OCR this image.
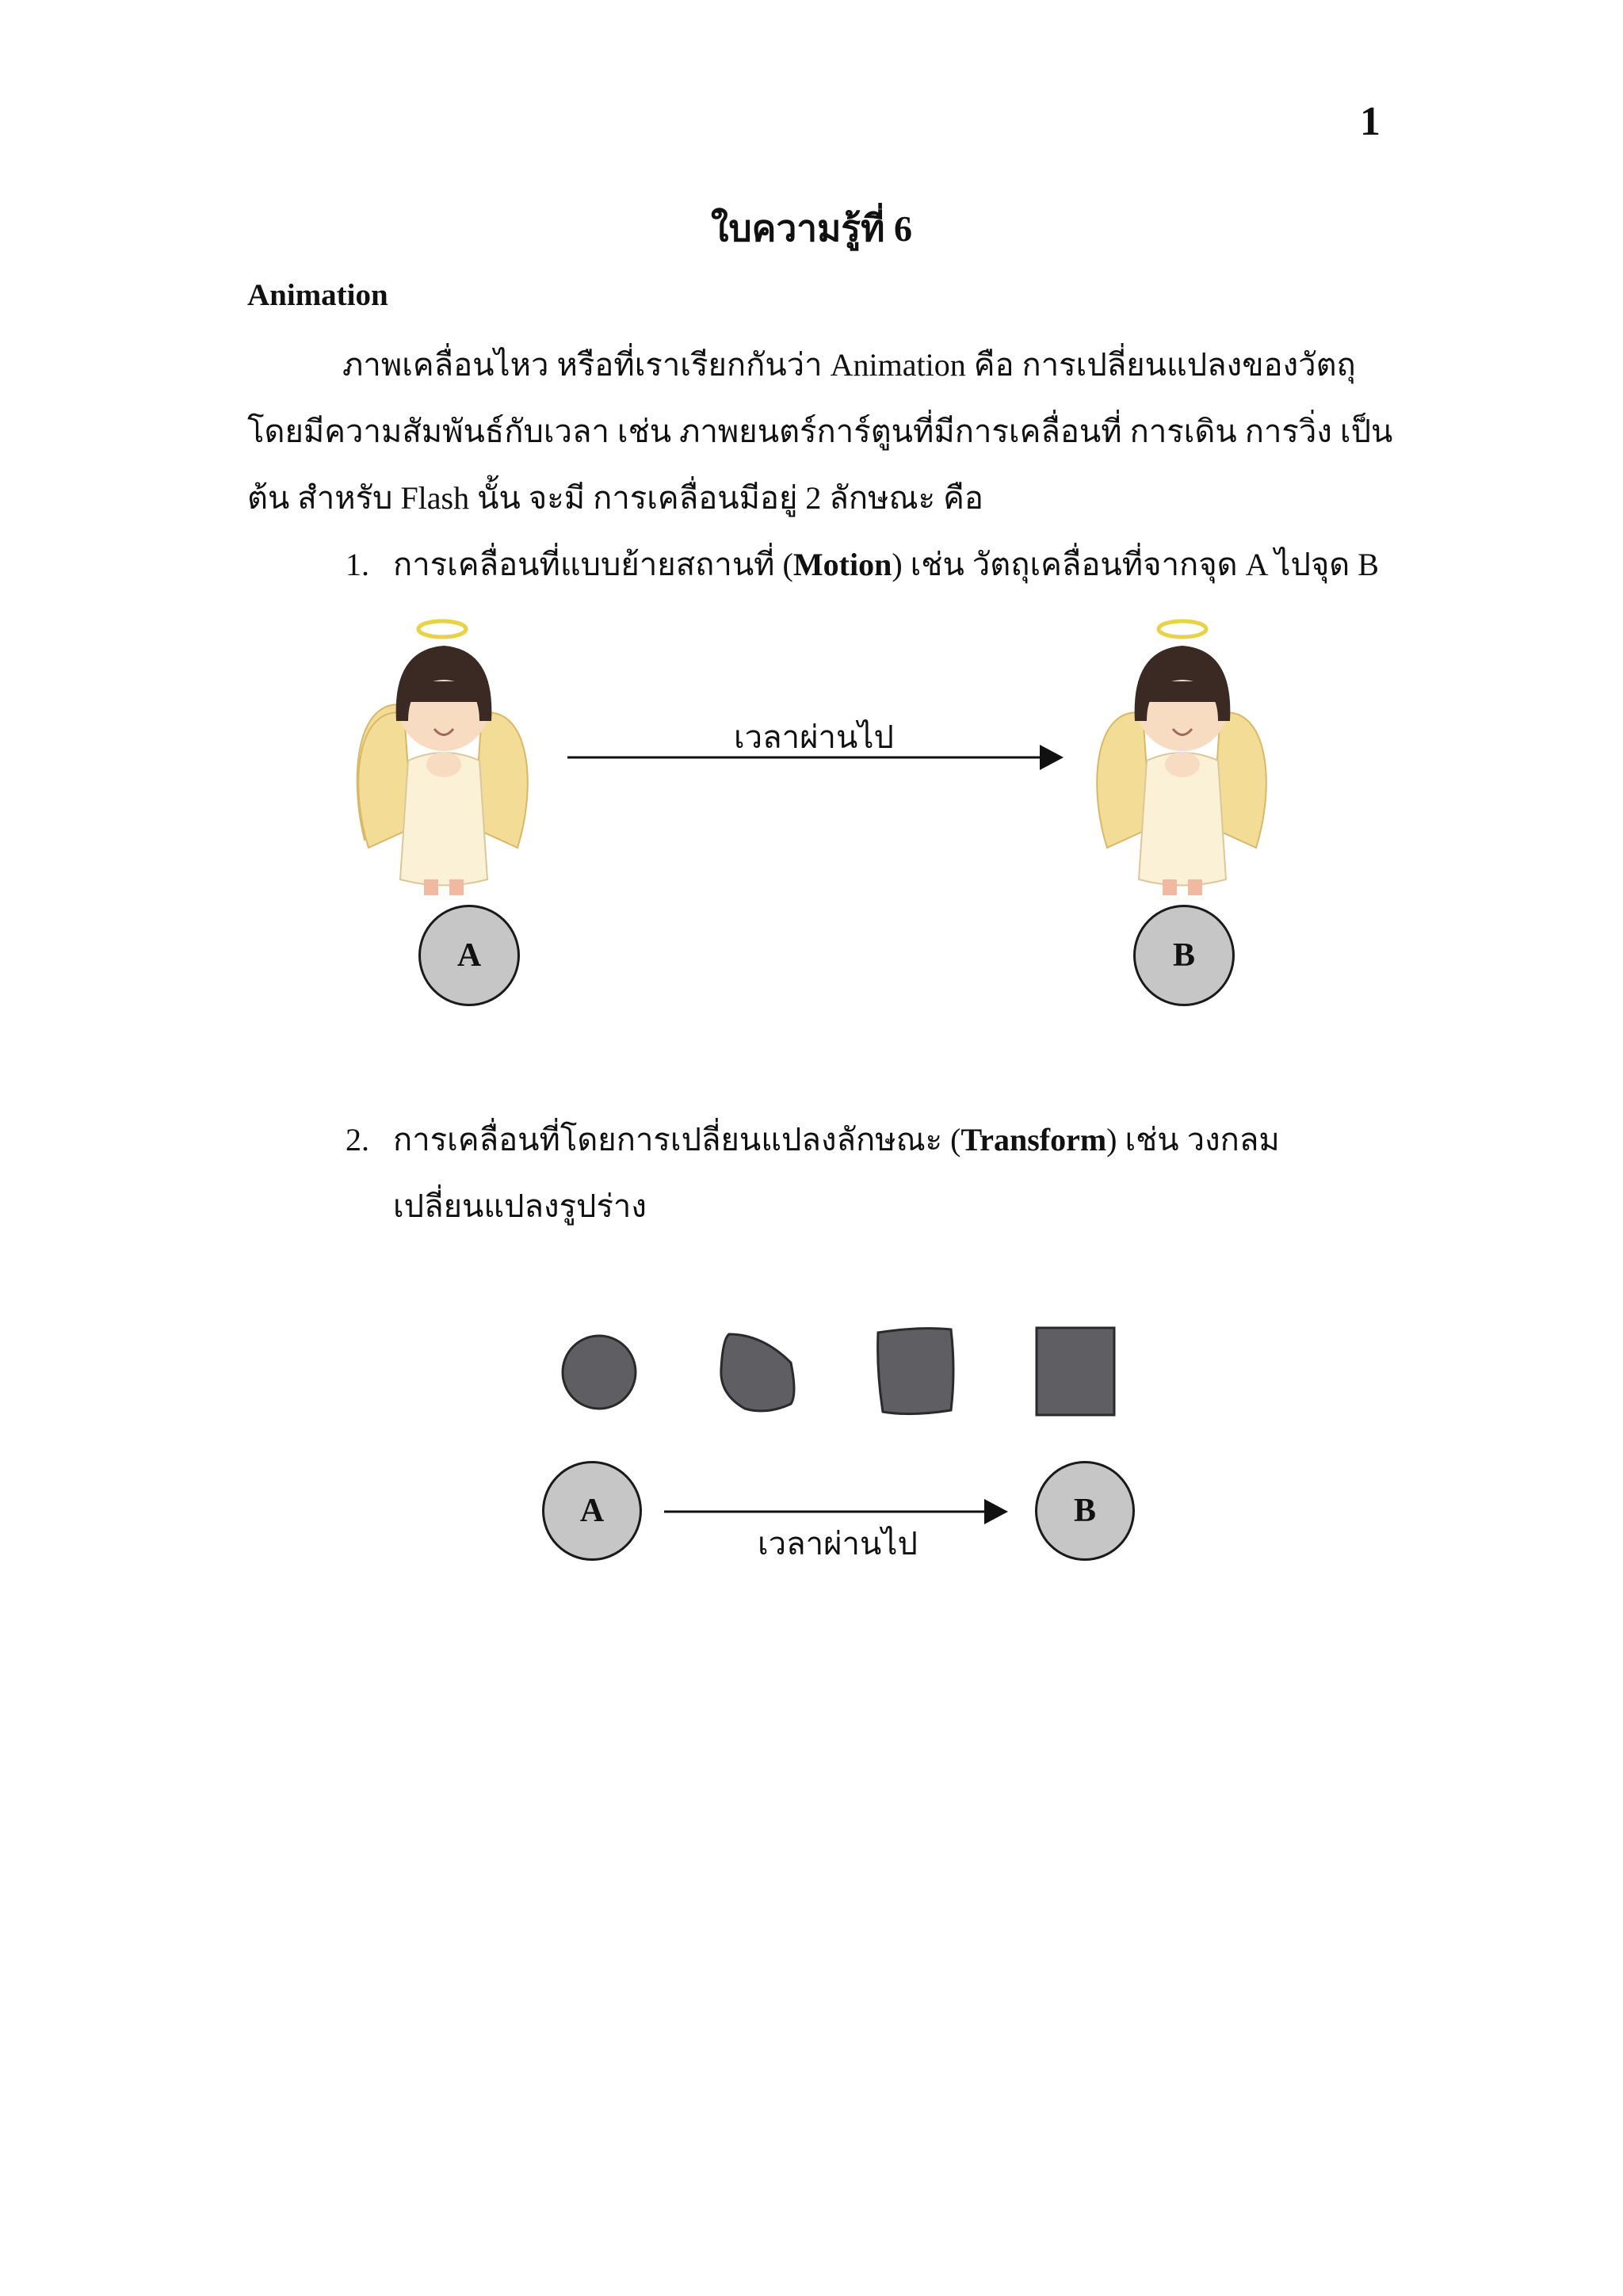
1
ใบความรู้ที่ 6
Animation
ภาพเคลื่อนไหว หรือที่เราเรียกกันว่า Animation คือ การเปลี่ยนแปลงของวัตถุ
โดยมีความสัมพันธ์กับเวลา เช่น ภาพยนตร์การ์ตูนที่มีการเคลื่อนที่ การเดิน การวิ่ง เป็น
ต้น สำหรับ Flash นั้น จะมี การเคลื่อนมีอยู่ 2 ลักษณะ คือ
1. การเคลื่อนที่แบบย้ายสถานที่ (Motion) เช่น วัตถุเคลื่อนที่จากจุด A ไปจุด B
เวลาผ่านไป
A	B
2. การเคลื่อนที่โดยการเปลี่ยนแปลงลักษณะ (Transform) เช่น วงกลม
เปลี่ยนแปลงรูปร่าง
A	B
เวลาผ่านไป
